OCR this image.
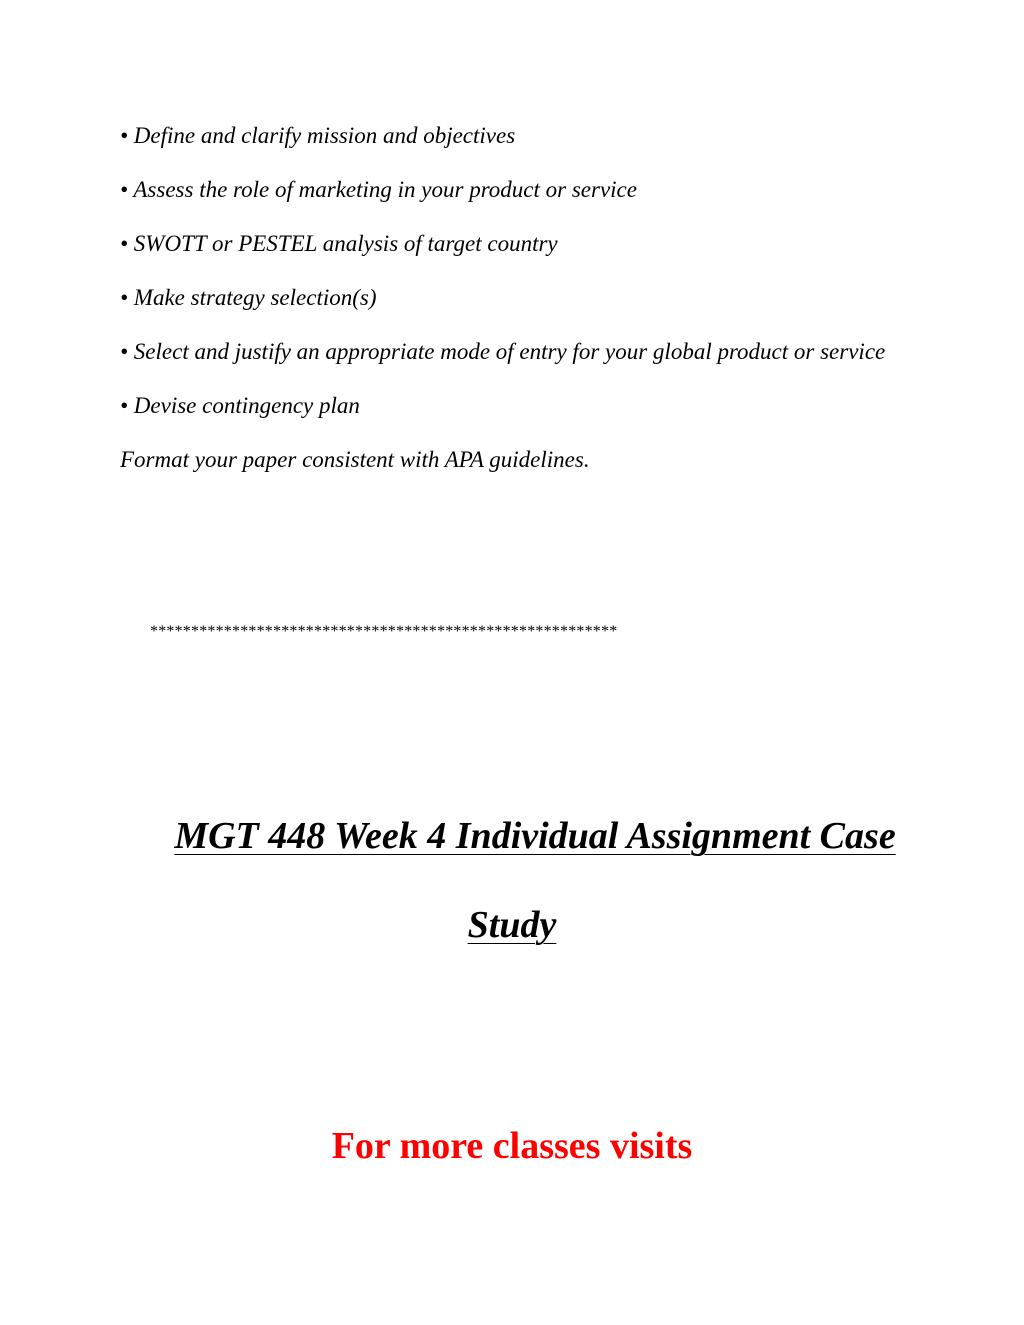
• Define and clarify mission and objectives

• Assess the role of marketing in your product or service

• SWOTT or PESTEL analysis of target country

• Make strategy selection(s)

• Select and justify an appropriate mode of entry for your global product or service

• Devise contingency plan

Format your paper consistent with APA guidelines.

*********************************************************
MGT 448 Week 4 Individual Assignment Case
Study

For more classes visits
